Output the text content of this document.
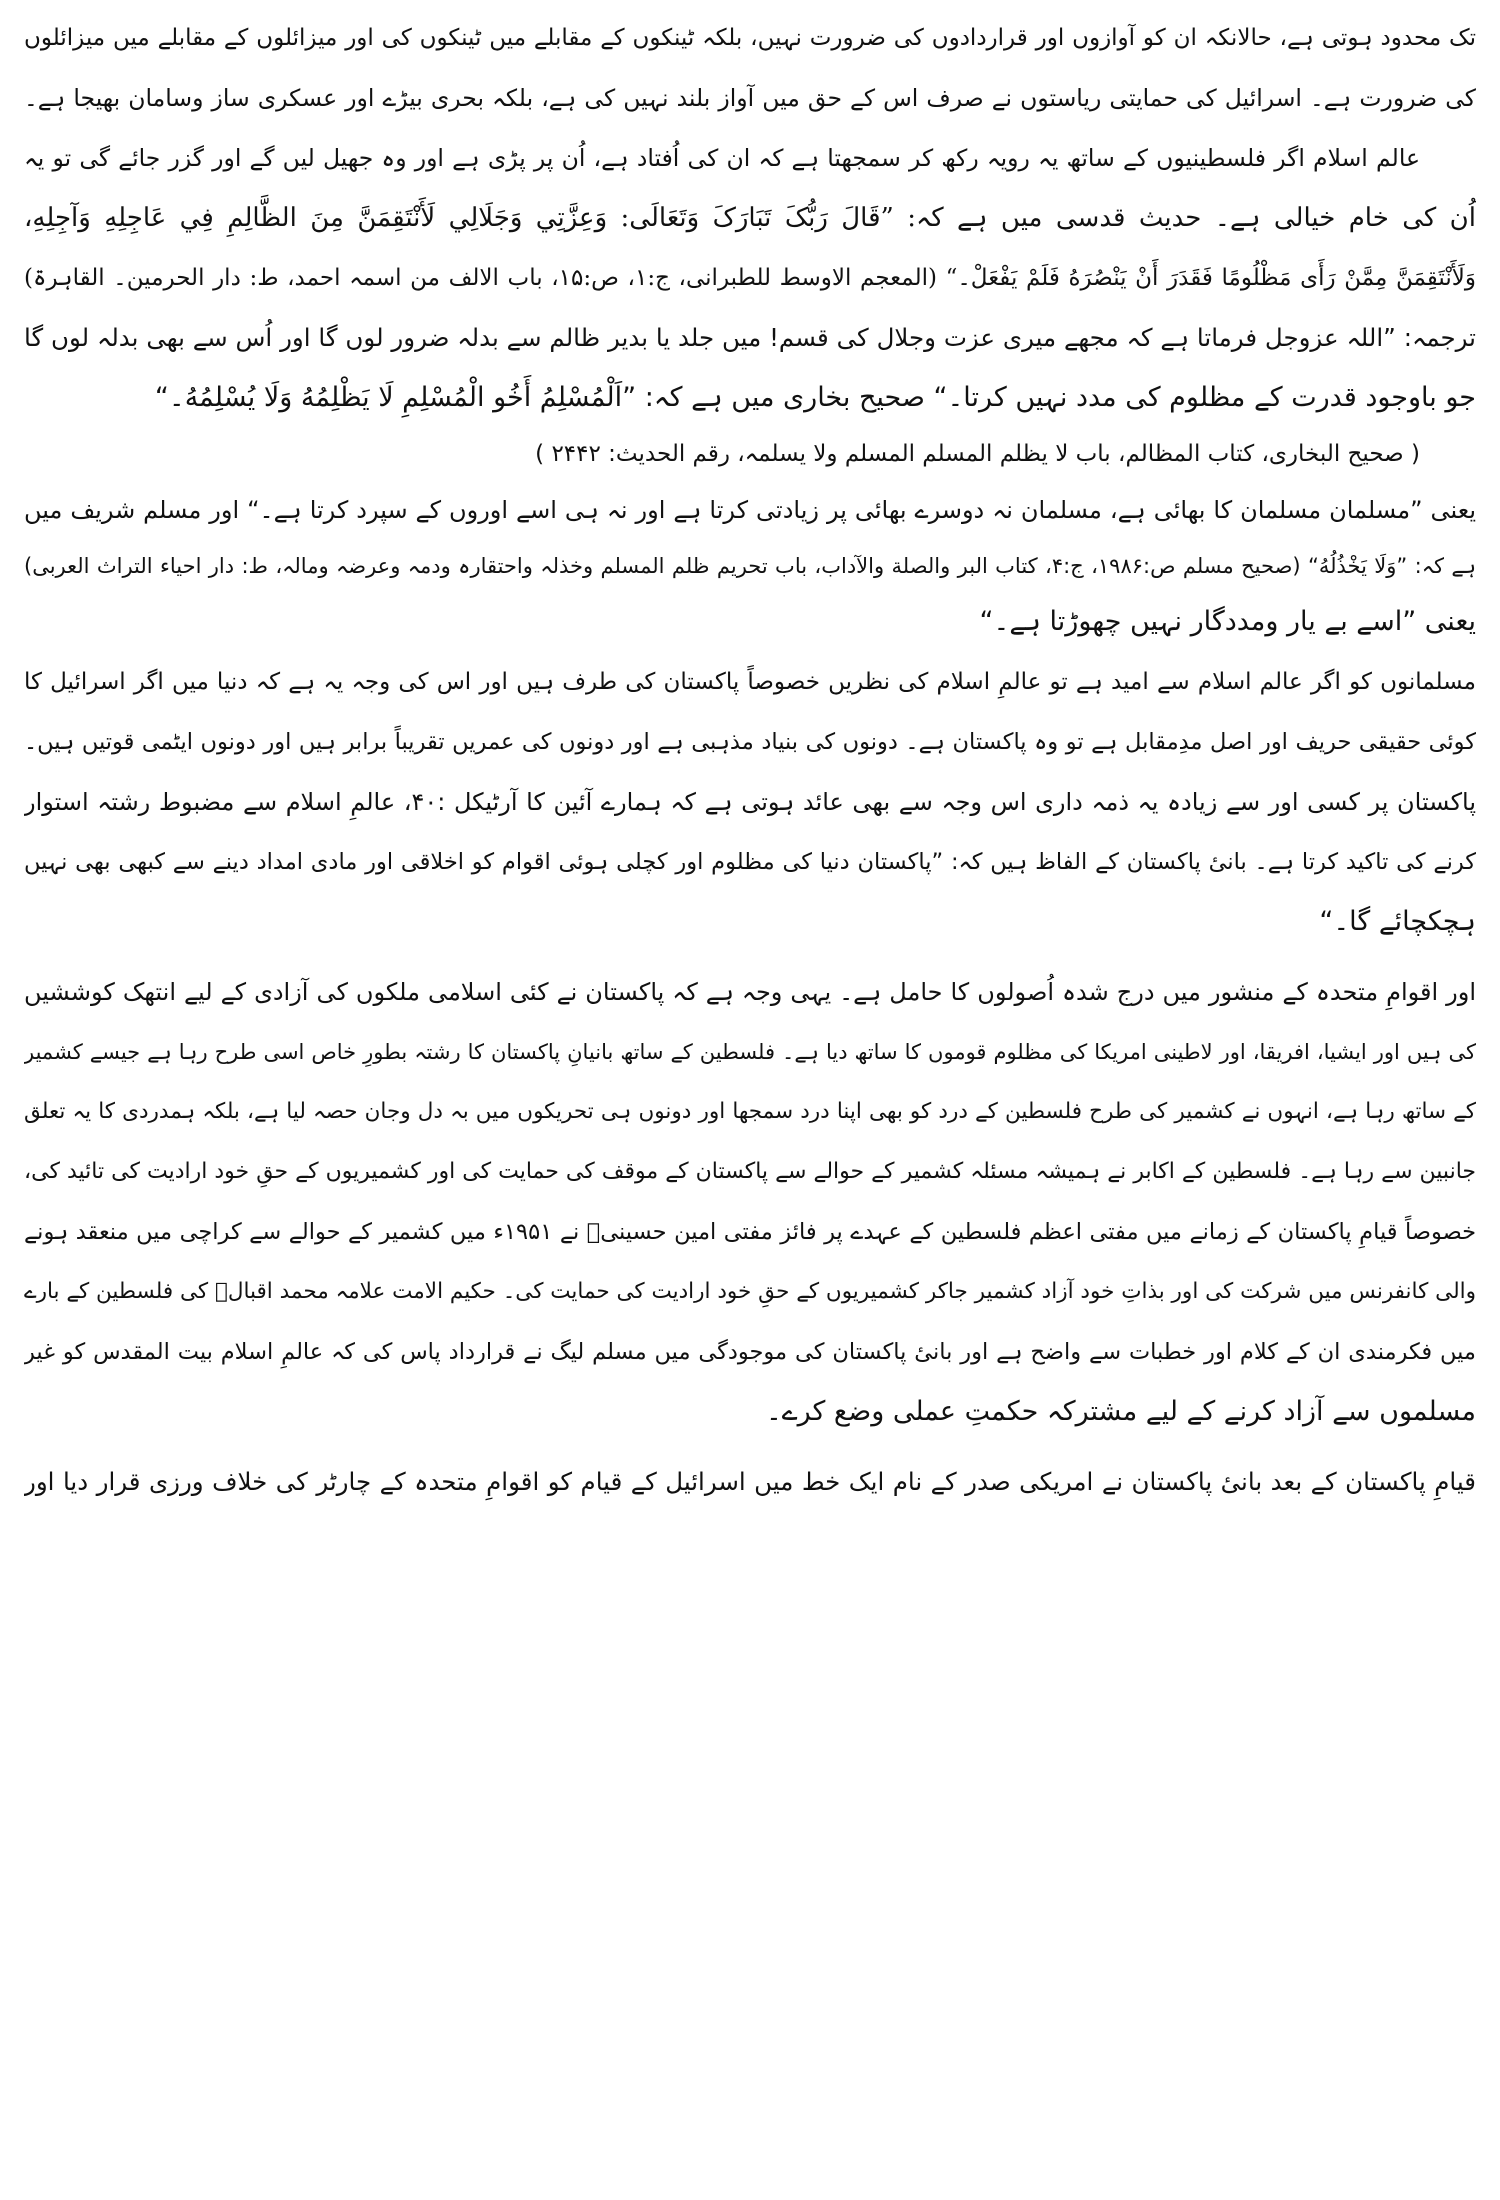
تک محدود ہوتی ہے، حالانکہ ان کو آوازوں اور قراردادوں کی ضرورت نہیں، بلکہ ٹینکوں کے مقابلے میں ٹینکوں کی اور میزائلوں کے مقابلے میں میزائلوں
کی ضرورت ہے۔ اسرائیل کی حمایتی ریاستوں نے صرف اس کے حق میں آواز بلند نہیں کی ہے، بلکہ بحری بیڑے اور عسکری ساز وسامان بھیجا ہے۔
عالم اسلام اگر فلسطینیوں کے ساتھ یہ رویہ رکھ کر سمجھتا ہے کہ ان کی اُفتاد ہے، اُن پر پڑی ہے اور وہ جھیل لیں گے اور گزر جائے گی تو یہ
اُن کی خام خیالی ہے۔ حدیث قدسی میں ہے کہ: ”قَالَ رَبُّکَ تَبَارَکَ وَتَعَالَی: وَعِزَّتِي وَجَلَالِي لَأَنْتَقِمَنَّ مِنَ الظَّالِمِ فِي عَاجِلِهِ وَآجِلِهِ،
وَلَأَنْتَقِمَنَّ مِمَّنْ رَأَى مَظْلُومًا فَقَدَرَ أَنْ يَنْصُرَهُ فَلَمْ يَفْعَلْ۔“ (المعجم الاوسط للطبرانی، ج:۱، ص:۱۵، باب الالف من اسمہ احمد، ط: دار الحرمین۔ القاہرۃ)
ترجمہ: ”اللہ عزوجل فرماتا ہے کہ مجھے میری عزت وجلال کی قسم! میں جلد یا بدیر ظالم سے بدلہ ضرور لوں گا اور اُس سے بھی بدلہ لوں گا
جو باوجود قدرت کے مظلوم کی مدد نہیں کرتا۔“ صحیح بخاری میں ہے کہ: ”اَلْمُسْلِمُ أَخُو الْمُسْلِمِ لَا يَظْلِمُهُ وَلَا يُسْلِمُهُ۔“
( صحیح البخاری، کتاب المظالم، باب لا یظلم المسلم المسلم ولا یسلمہ، رقم الحدیث: ۲۴۴۲ )
یعنی ”مسلمان مسلمان کا بھائی ہے، مسلمان نہ دوسرے بھائی پر زیادتی کرتا ہے اور نہ ہی اسے اوروں کے سپرد کرتا ہے۔“ اور مسلم شریف میں
ہے کہ: ”وَلَا يَخْذُلُهُ“ (صحیح مسلم ص:۱۹۸۶، ج:۴، کتاب البر والصلة والآداب، باب تحریم ظلم المسلم وخذلہ واحتقارہ ودمہ وعرضہ ومالہ، ط: دار احیاء التراث العربی)
یعنی ”اسے بے یار ومددگار نہیں چھوڑتا ہے۔“
مسلمانوں کو اگر عالم اسلام سے امید ہے تو عالمِ اسلام کی نظریں خصوصاً پاکستان کی طرف ہیں اور اس کی وجہ یہ ہے کہ دنیا میں اگر اسرائیل کا
کوئی حقیقی حریف اور اصل مدِمقابل ہے تو وہ پاکستان ہے۔ دونوں کی بنیاد مذہبی ہے اور دونوں کی عمریں تقریباً برابر ہیں اور دونوں ایٹمی قوتیں ہیں۔
پاکستان پر کسی اور سے زیادہ یہ ذمہ داری اس وجہ سے بھی عائد ہوتی ہے کہ ہمارے آئین کا آرٹیکل :۴۰، عالمِ اسلام سے مضبوط رشتہ استوار
کرنے کی تاکید کرتا ہے۔ بانیٔ پاکستان کے الفاظ ہیں کہ: ”پاکستان دنیا کی مظلوم اور کچلی ہوئی اقوام کو اخلاقی اور مادی امداد دینے سے کبھی بھی نہیں
ہچکچائے گا۔“
اور اقوامِ متحدہ کے منشور میں درج شدہ اُصولوں کا حامل ہے۔ یہی وجہ ہے کہ پاکستان نے کئی اسلامی ملکوں کی آزادی کے لیے انتھک کوششیں
کی ہیں اور ایشیا، افریقا، اور لاطینی امریکا کی مظلوم قوموں کا ساتھ دیا ہے۔ فلسطین کے ساتھ بانیانِ پاکستان کا رشتہ بطورِ خاص اسی طرح رہا ہے جیسے کشمیر
کے ساتھ رہا ہے، انہوں نے کشمیر کی طرح فلسطین کے درد کو بھی اپنا درد سمجھا اور دونوں ہی تحریکوں میں بہ دل وجان حصہ لیا ہے، بلکہ ہمدردی کا یہ تعلق
جانبین سے رہا ہے۔ فلسطین کے اکابر نے ہمیشہ مسئلہ کشمیر کے حوالے سے پاکستان کے موقف کی حمایت کی اور کشمیریوں کے حقِ خود ارادیت کی تائید کی،
خصوصاً قیامِ پاکستان کے زمانے میں مفتی اعظم فلسطین کے عہدے پر فائز مفتی امین حسینیؒ نے ۱۹۵۱ء میں کشمیر کے حوالے سے کراچی میں منعقد ہونے
والی کانفرنس میں شرکت کی اور بذاتِ خود آزاد کشمیر جاکر کشمیریوں کے حقِ خود ارادیت کی حمایت کی۔ حکیم الامت علامہ محمد اقبالؒ کی فلسطین کے بارے
میں فکرمندی ان کے کلام اور خطبات سے واضح ہے اور بانیٔ پاکستان کی موجودگی میں مسلم لیگ نے قرارداد پاس کی کہ عالمِ اسلام بیت المقدس کو غیر
مسلموں سے آزاد کرنے کے لیے مشترکہ حکمتِ عملی وضع کرے۔
قیامِ پاکستان کے بعد بانیٔ پاکستان نے امریکی صدر کے نام ایک خط میں اسرائیل کے قیام کو اقوامِ متحدہ کے چارٹر کی خلاف ورزی قرار دیا اور
